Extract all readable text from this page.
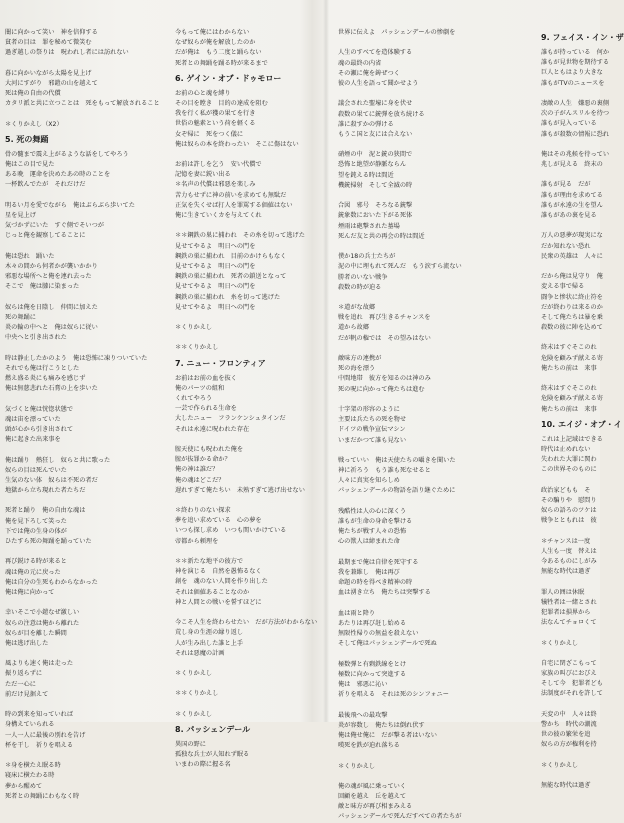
闇に向かって笑い　神を信仰する
貧者の目は　罪を秘めて微笑む
過ぎ越しの祭りは　呪われし者には訪れない
暮に向かいながら太陽を見上げ
大河にすがり　邪鎧の山を越えて
死は俺の自由の代償
カタリ派と共に立つことは　死をもって解放されること
＊くりかえし（X2）
5. 死の舞踊
骨の髄まで震え上がるような話をしてやろう
俺はこの目で見た
ある晩　運命を決めたあの時のことを
一杯飲んでたが　それだけだ
明るい月を愛でながら　俺はぶらぶら歩いてた
星を見上げ
気づかずにいた　すぐ側でそいつが
じっと俺を観察してることに
俺は恐れ　踊いた
木々の間から何者かが襲いかかり
邪悪な場所へと俺を連れ去った
そこで　俺は膝に染まった
奴らは俺を日陰し　仲間に加えた
死の舞踊に
炎の輪の中へと　俺は奴らに従い
中央へと引き出された
時は静止したかのよう　俺は恐怖に凍りついていた
それでも俺は行こうとした
燃え盛る炎にも痛みを感じず
俺は無慈悲れた石膏の上を歩いた
気づくと俺は恍惚状態で
魂は宙を漂っていた
頭が心から引き出されて
俺に起きた出来事を
俺は踊り　熱狂し　奴らと共に歌った
奴らの目は死んでいた
生気のない体　奴らは不死の者だ
地獄から立ち現れた者たちだ
死者と踊り　俺の自由な魂は
俺を見下ろして笑った
下では俺の生身の体が
ひたすら死の舞踊を踊っていた
再び鋭ける時が来ると
魂は俺の元に戻った
俺は自分の生死もわからなかった
俺は俺に向かって
幸いそこで小鎧なぜ激しい
奴らの注意は俺から離れた
奴らが目を離した瞬間
俺は逃げ出した
風よりも速く俺は走った
振り返らずに
ただ一心に
前だけ見据えて
時の到来を知っていれば
身構えていられる
一人一人に最後の別れを告げ
杯を干し　祈りを唱える
＊身を横たえ眠る時
寝床に横たわる時
夢から醒めて
死者との舞踊にわもなく時
今もって俺にはわからない
なぜ奴らが俺を解放したのか
だが俺は　もう二度と踊らない
死者との舞踊を踊る時が来るまで
6. ゲイン・オブ・ドゥモロー
お前の心と魂を縛り
その目を瞠き　目的の達成を阻む
我を行く私が獲の果てを行き
世俗の魅素という荷を軽くる
女ぞ帰に　死をつく儀に
俺は奴らの本を終わったい　そこに傷はない
お前は許しを乞う　安い代償で
記憶を妻に鋭い出る
＊名声の代償は邪悪を楽しみ
苦力もせずに神の前いを求めても無駄だ
正気を失くせば打人を罪罵する価値はない
俺に生きていくカを与えてくれ
＊＊鋼鉄の巣に捕われ　その糸を切って逃げた
見せてやるよ　明日への門を
鋼鉄の巣に捕われ　目前のかけらもなく
見せてやるよ　明日への門を
鋼鉄の巣に捕われ　死者の鎖送となって
見せてやるよ　明日への門を
鋼鉄の巣に捕われ　糸を切って逃げた
見せてやるよ　明日への門を
＊くりかえし
＊＊くりかえし
7. ニュー・フロンティア
お前はお前の血を抜く
俺のパーツの組和
くれてやろう
一芸で作られる生命を
大したニュー　フランケンシュタインだ
それは永遠に呪われた存在
膣天使にも呪われた俺を
膣が抜罪かる命か？
俺の神は誰だ？
俺の魂はどこだ？
遅れすぎて俺たちい　未熟すぎて逃げ出せない
＊終わりのない探求
夢を追い求めている　心の夢を
いつも探し求め　いつも関いかけている
帝都から頼理を
＊＊新たな地平の彼方で
神を演じる　自然を愚怖るなく
創を　魂のない人間を作り出した
それは価値あることなのか
神と人間との戦いを誓すほどに
今こそ人生を終わらせたい　だが方法がわからない
荒し身の生涯の縁り返し
人が生み出した誰と上手
それは悪魔の計画
＊くりかえし
＊＊くりかえし
＊くりかえし
8. パッシェンデール
異国の野に
孤独な兵士が人知れず眠る
いまわの際に握る名
世界に伝えよ　パッシェンデールの惨劇を
人生のすべてを造体験する
魂の最終の内省
その瀬に俺を鋳ぜつく
彼の人生を語って聞かせよう
議会された聖壕に身を伏せ
殺数の果てに銃弾を放ち続ける
誰に殺すかの弾ける
もうこ国と友には合えない
硝煙の中　泥と銃の狭間で
恐怖と絶望が静脈ならん
望を鈍える時は間近
機銃掃射　そして全滅の時
合図　邪号　そろなる銃撃
銃象数においた下がる死体
煙雨は砲撃された墓場
死んだ友と共の再会の時は間近
僕か18の兵士たちが
泥の中に埋もれて死んだ　もう涙すら流ない
勝者のいない戦争
殺数の時が迫る
＊道がな故郷
戦を追れ　再び生きるチャンスを
道から故郷
だが帆の権では　その望みはない
敵味方の連携が
死の海を漂う
中間地帯　彼方を知るのは神のみ
死の呪に向かって俺たちは進む
十字架の形容のように
主要は兵たちの死を物せ
ドイツの戦争宣伝マシン
いまだかつて誰も見ない
戦っていい　俺は天使たちの囁きを聞いた
神に祈ろう　もう誰も死なせると
人々に真実を知らしめ
パッシェンデールの物語を語り継ぐために
残酷性は人の心に深くう
誰もが生命の身命を撃ける
俺たちが戦す人々の恐怖
心の獣人は締まれた命
最期まで俺は自律を死守する
我を兼維し　俺は再び
命題の時を得べき精神の時
血は湧き立ち　俺たちは突撃する
血は雨と降り
あたりは再び赶し始める
無限性帰りの無益を殺えない
そして俺はパッシェンデールで死ぬ
極数弾と有剰鉄線をとけ
極数に向かって突進する
俺は　邪悪に沁い
祈りを唱える　それは死のシンフォニー
最後飛への最攻撃
炎が容数し　俺たちは倒れ伏す
俺は俺せ俺に　だが撃る者はいない
嘆死を鉄が迫れ落ちる
＊くりかえし
俺の魂が風に乗っていく
回顧を越え　丘を越えて
敵と味方が再び相まみえる
パッシェンデールで死んだすべての者たちが
9. フェイス・イン・ザ
誰もが持っている　何か
誰もが見世物を期待する
巨人ともはより大きな
誰もがTVのニュースを
凄敵の人生　嫌悪の裏側
次の子がんスリルを待つ
誰もが見入っている
誰もが殺数の情報に恐れ
俺はその兆候を待ってい
兆しが見える　終末の
誰もが見る　だが
誰もが理由を求めてる
誰もが永遠の生を望ん
誰もがあの裏を見る
万人の悪夢が現実にな
だか知れない恐れ
民衆の英雄は　人々に
だから俺は見守り　俺
変える事で帰る
闘争と惨状に終止符を
だが終わりは来るのか
そして俺たちは暴を乗
殺数の彼に陣を込めて
終末はすぐそこのれ
危険を顧みず献える寄
俺たちの前は　来事
終末はすぐそこのれ
危険を顧みず献える寄
俺たちの前は　来事
10. エイジ・オブ・イ
これは上記域はできる
時代は止めれない
失われた大罪に関わ
この世界そのものに
政治家どもも　そ
その騙りや　慰問り
奴らの語ろのツケは
戦争とともれは　彼
＊チャンスは一度
人生も一度　替えは
今あるものにしがみ
無能な時代は過ぎ
罪人の囲は休眠
犠牲者は一緒とされ
犯罪者は損界から
法なんてチョロくて
＊くりかえし
自宅に閉ざこもって
家族の叫びにおびえ
そして今　犯罪者ども
法制度がそれを許して
天変の中　人々は終
警かち　時代の潮流
世の彼の繁栄を追
奴らの方が権利を持
＊くりかえし
無能な時代は過ぎ
